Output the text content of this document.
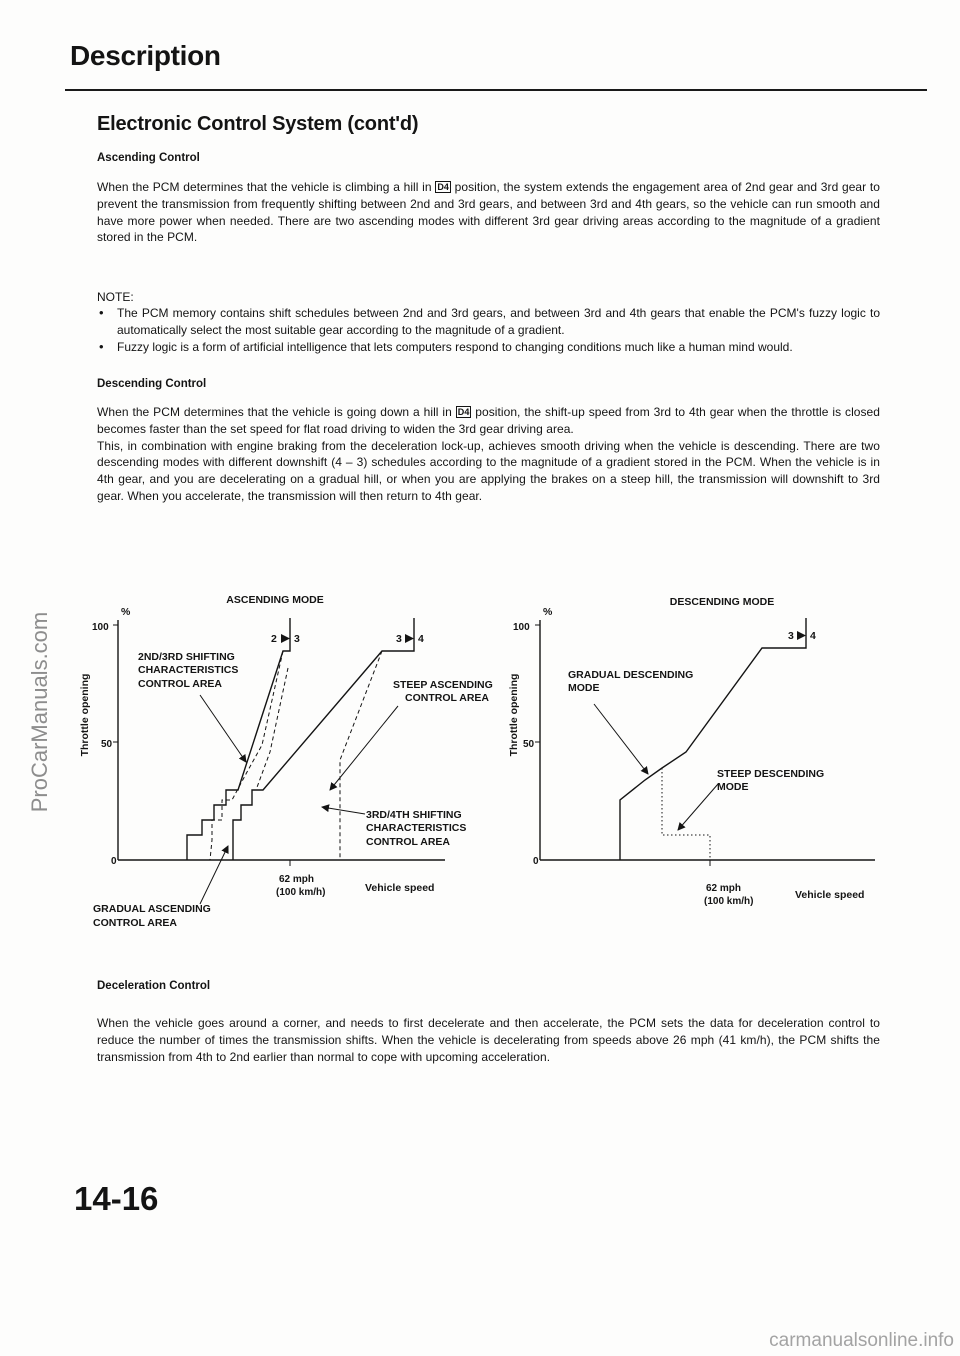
ProCarManuals.com
Description
Electronic Control System (cont'd)
Ascending Control

When the PCM determines that the vehicle is climbing a hill in D4 position, the system extends the engagement area of 2nd gear and 3rd gear to prevent the transmission from frequently shifting between 2nd and 3rd gears, and between 3rd and 4th gears, so the vehicle can run smooth and have more power when needed. There are two ascending modes with different 3rd gear driving areas according to the magnitude of a gradient stored in the PCM.

NOTE:
• The PCM memory contains shift schedules between 2nd and 3rd gears, and between 3rd and 4th gears that enable the PCM's fuzzy logic to automatically select the most suitable gear according to the magnitude of a gradient.
• Fuzzy logic is a form of artificial intelligence that lets computers respond to changing conditions much like a human mind would.
Descending Control

When the PCM determines that the vehicle is going down a hill in D4 position, the shift-up speed from 3rd to 4th gear when the throttle is closed becomes faster than the set speed for flat road driving to widen the 3rd gear driving area.

This, in combination with engine braking from the deceleration lock-up, achieves smooth driving when the vehicle is descending. There are two descending modes with different downshift (4 – 3) schedules according to the magnitude of a gradient stored in the PCM. When the vehicle is in 4th gear, and you are decelerating on a gradual hill, or when you are applying the brakes on a steep hill, the transmission will downshift to 3rd gear. When you accelerate, the transmission will then return to 4th gear.

ASCENDING MODE
%
100
50
0
Throttle opening
2 3	3 4
2ND/3RD SHIFTING
CHARACTERISTICS
CONTROL AREA	STEEP ASCENDING
CONTROL AREA
3RD/4TH SHIFTING
CHARACTERISTICS
CONTROL AREA
62 mph
(100 km/h)	Vehicle speed
GRADUAL ASCENDING
CONTROL AREA
DESCENDING MODE
%
100
50
0
Throttle opening
3 4
GRADUAL DESCENDING
MODE
STEEP DESCENDING
MODE
62 mph
(100 km/h)
Vehicle speed
Deceleration Control

When the vehicle goes around a corner, and needs to first decelerate and then accelerate, the PCM sets the data for deceleration control to reduce the number of times the transmission shifts. When the vehicle is decelerating from speeds above 26 mph (41 km/h), the PCM shifts the transmission from 4th to 2nd earlier than normal to cope with upcoming acceleration.

14-16
carmanualsonline.info
